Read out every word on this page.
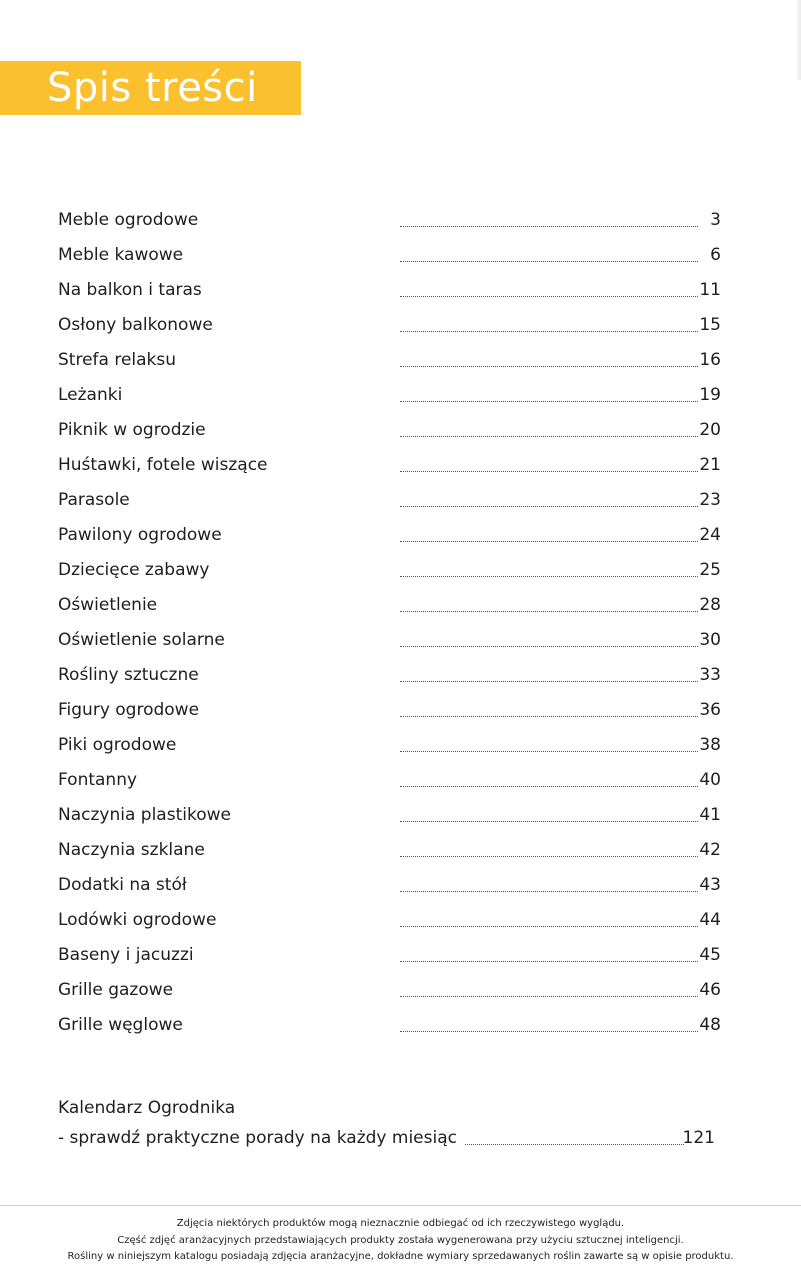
Spis treści
Meble ogrodowe	3
Meble kawowe	6
Na balkon i taras	11
Osłony balkonowe	15
Strefa relaksu	16
Leżanki	19
Piknik w ogrodzie	20
Huśtawki, fotele wiszące	21
Parasole	23
Pawilony ogrodowe	24
Dziecięce zabawy	25
Oświetlenie	28
Oświetlenie solarne	30
Rośliny sztuczne	33
Figury ogrodowe	36
Piki ogrodowe	38
Fontanny	40
Naczynia plastikowe	41
Naczynia szklane	42
Dodatki na stół	43
Lodówki ogrodowe	44
Baseny i jacuzzi	45
Grille gazowe	46
Grille węglowe	48
Kalendarz Ogrodnika
- sprawdź praktyczne porady na każdy miesiąc	121
Zdjęcia niektórych produktów mogą nieznacznie odbiegać od ich rzeczywistego wyglądu.
Część zdjęć aranżacyjnych przedstawiających produkty została wygenerowana przy użyciu sztucznej inteligencji.
Rośliny w niniejszym katalogu posiadają zdjęcia aranżacyjne, dokładne wymiary sprzedawanych roślin zawarte są w opisie produktu.
